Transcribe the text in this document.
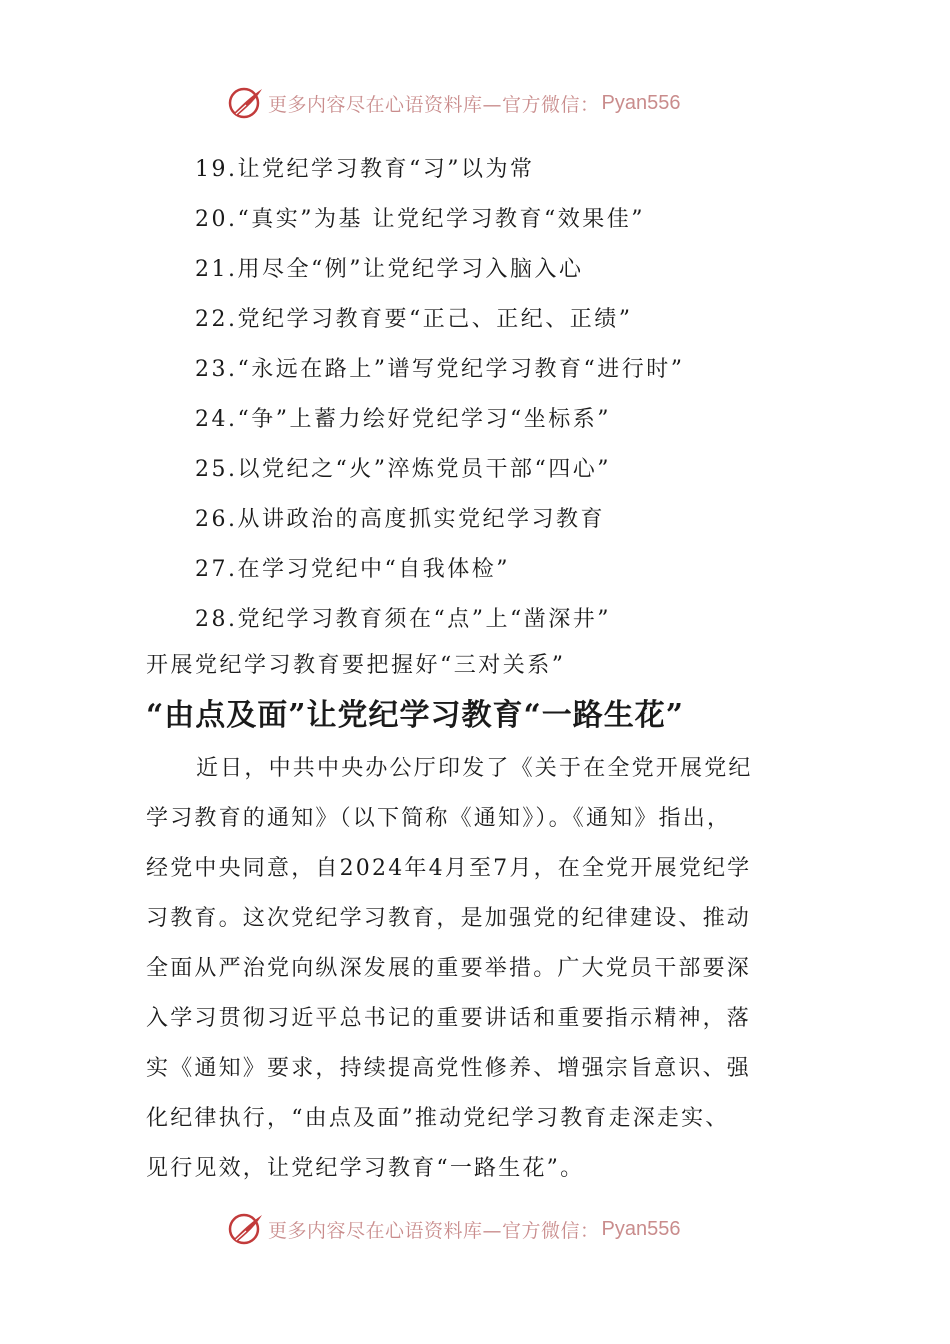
更多内容尽在心语资料库—官方微信： Pyan556
19.让党纪学习教育“习”以为常
20.“真实”为基 让党纪学习教育“效果佳”
21.用尽全“例”让党纪学习入脑入心
22.党纪学习教育要“正己、正纪、正绩”
23.“永远在路上”谱写党纪学习教育“进行时”
24.“争”上蓄力绘好党纪学习“坐标系”
25.以党纪之“火”淬炼党员干部“四心”
26.从讲政治的高度抓实党纪学习教育
27.在学习党纪中“自我体检”
28.党纪学习教育须在“点”上“凿深井”
开展党纪学习教育要把握好“三对关系”
“由点及面”让党纪学习教育“一路生花”
近日，中共中央办公厅印发了《关于在全党开展党纪
学习教育的通知》（以下简称《通知》）。《通知》指出，
经党中央同意，自2024年4月至7月，在全党开展党纪学
习教育。这次党纪学习教育，是加强党的纪律建设、推动
全面从严治党向纵深发展的重要举措。广大党员干部要深
入学习贯彻习近平总书记的重要讲话和重要指示精神，落
实《通知》要求，持续提高党性修养、增强宗旨意识、强
化纪律执行，“由点及面”推动党纪学习教育走深走实、
见行见效，让党纪学习教育“一路生花”。
更多内容尽在心语资料库—官方微信： Pyan556
